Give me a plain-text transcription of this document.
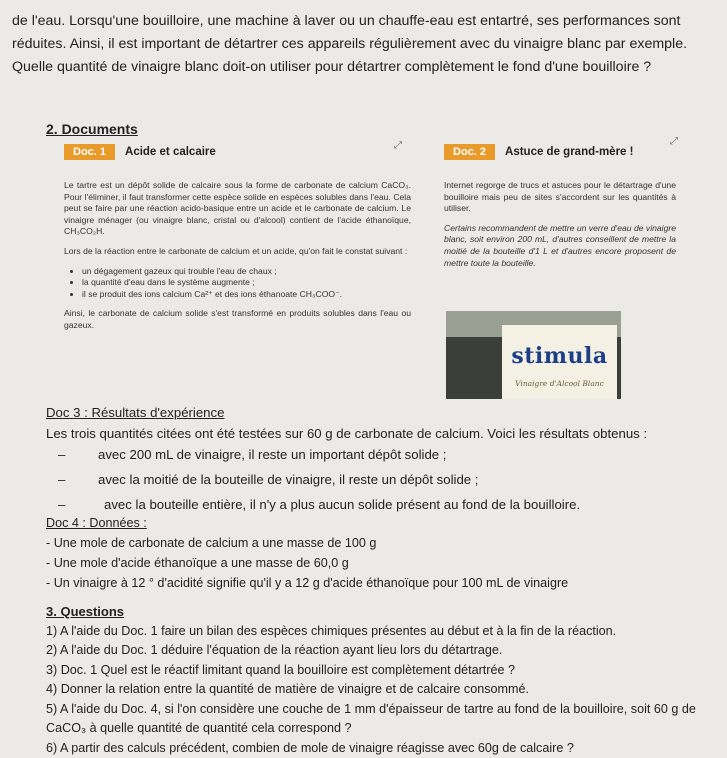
de l'eau. Lorsqu'une bouilloire, une machine à laver ou un chauffe-eau est entartré, ses performances sont réduites. Ainsi, il est important de détartrer ces appareils régulièrement avec du vinaigre blanc par exemple. Quelle quantité de vinaigre blanc doit-on utiliser pour détartrer complètement le fond d'une bouilloire ?
2. Documents
Doc. 1	Acide et calcaire
⤢

Le tartre est un dépôt solide de calcaire sous la forme de carbonate de calcium CaCO₃. Pour l'éliminer, il faut transformer cette espèce solide en espèces solubles dans l'eau. Cela peut se faire par une réaction acido-basique entre un acide et le carbonate de calcium. Le vinaigre ménager (ou vinaigre blanc, cristal ou d'alcool) contient de l'acide éthanoïque, CH₃CO₂H.

Lors de la réaction entre le carbonate de calcium et un acide, qu'on fait le constat suivant :

• un dégagement gazeux qui trouble l'eau de chaux ;
• la quantité d'eau dans le système augmente ;
• il se produit des ions calcium Ca²⁺ et des ions éthanoate CH₃COO⁻.

Ainsi, le carbonate de calcium solide s'est transformé en produits solubles dans l'eau ou gazeux.

Doc. 2	Astuce de grand-mère !
⤢

Internet regorge de trucs et astuces pour le détartrage d'une bouilloire mais peu de sites s'accordent sur les quantités à utiliser.

Certains recommandent de mettre un verre d'eau de vinaigre blanc, soit environ 200 mL, d'autres conseillent de mettre la moitié de la bouteille d'1 L et d'autres encore proposent de mettre toute la bouteille.

stimula
Vinaigre d'Alcool Blanc
Doc 3 : Résultats d'expérience
Les trois quantités citées ont été testées sur 60 g de carbonate de calcium. Voici les résultats obtenus :
– avec 200 mL de vinaigre, il reste un important dépôt solide ;
– avec la moitié de la bouteille de vinaigre, il reste un dépôt solide ;
–	avec la bouteille entière, il n'y a plus aucun solide présent au fond de la bouilloire.
Doc 4 : Données :
- Une mole de carbonate de calcium a une masse de 100 g
- Une mole d'acide éthanoïque a une masse de 60,0 g
- Un vinaigre à 12 ° d'acidité signifie qu'il y a 12 g d'acide éthanoïque pour 100 mL de vinaigre
3. Questions
1) A l'aide du Doc. 1 faire un bilan des espèces chimiques présentes au début et à la fin de la réaction.
2) A l'aide du Doc. 1 déduire l'équation de la réaction ayant lieu lors du détartrage.
3) Doc. 1 Quel est le réactif limitant quand la bouilloire est complètement détartrée ?
4) Donner la relation entre la quantité de matière de vinaigre et de calcaire consommé.
5) A l'aide du Doc. 4, si l'on considère une couche de 1 mm d'épaisseur de tartre au fond de la bouilloire, soit 60 g de CaCO₃ à quelle quantité de quantité cela correspond ?
6) A partir des calculs précédent, combien de mole de vinaigre réagisse avec 60g de calcaire ?
